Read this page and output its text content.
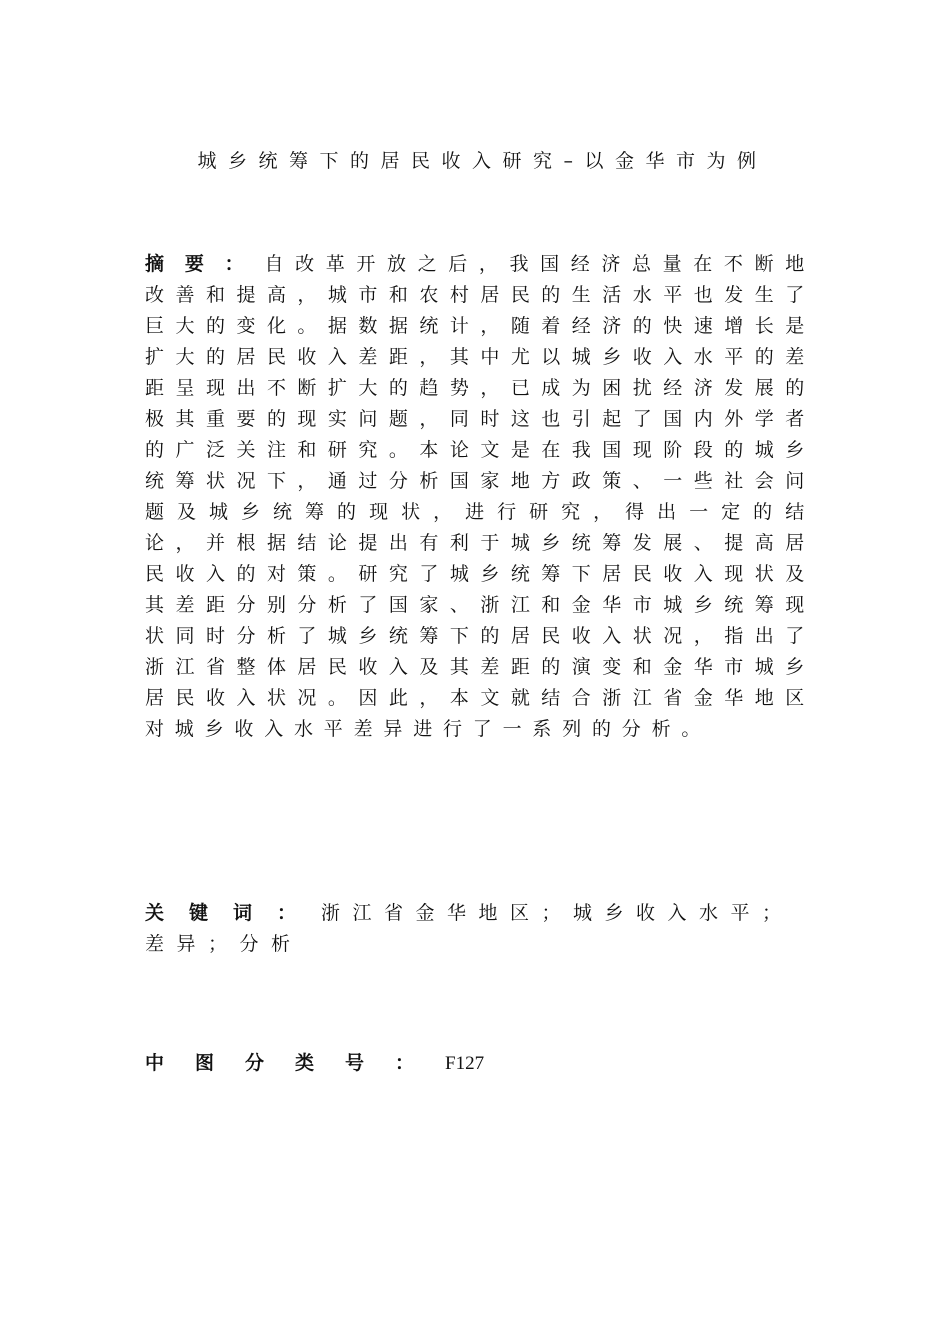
城乡统筹下的居民收入研究–以金华市为例
摘要：自改革开放之后，我国经济总量在不断地改善和提高，城市和农村居民的生活水平也发生了巨大的变化。据数据统计，随着经济的快速增长是扩大的居民收入差距，其中尤以城乡收入水平的差距呈现出不断扩大的趋势，已成为困扰经济发展的极其重要的现实问题，同时这也引起了国内外学者的广泛关注和研究。本论文是在我国现阶段的城乡统筹状况下，通过分析国家地方政策、一些社会问题及城乡统筹的现状，进行研究，得出一定的结论，并根据结论提出有利于城乡统筹发展、提高居民收入的对策。研究了城乡统筹下居民收入现状及其差距分别分析了国家、浙江和金华市城乡统筹现状同时分析了城乡统筹下的居民收入状况，指出了浙江省整体居民收入及其差距的演变和金华市城乡居民收入状况。因此，本文就结合浙江省金华地区对城乡收入水平差异进行了一系列的分析。
关键词：浙江省金华地区；城乡收入水平；差异；分析
中图分类号：F127
